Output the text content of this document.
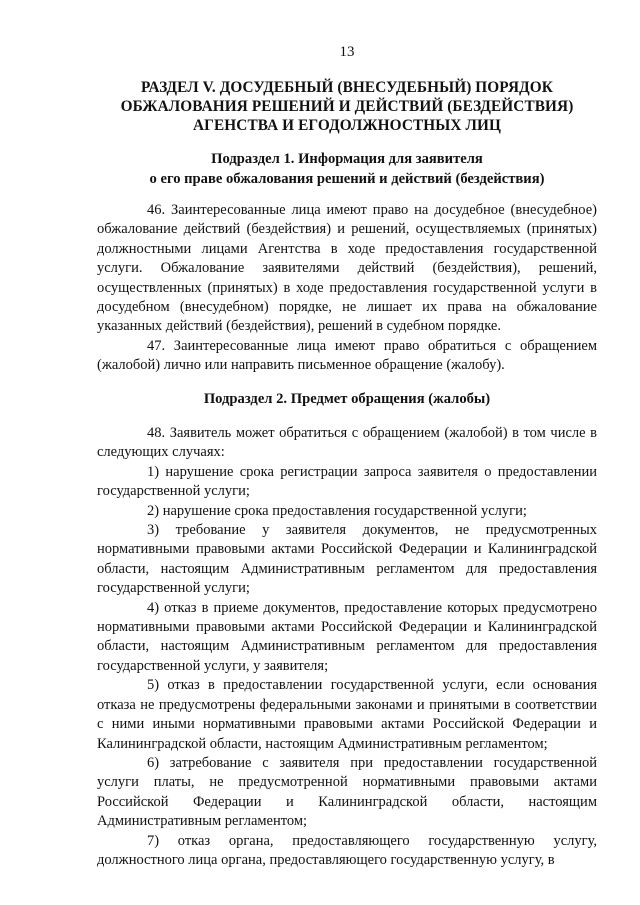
13
РАЗДЕЛ V. ДОСУДЕБНЫЙ (ВНЕСУДЕБНЫЙ) ПОРЯДОК
ОБЖАЛОВАНИЯ РЕШЕНИЙ И ДЕЙСТВИЙ (БЕЗДЕЙСТВИЯ)
АГЕНСТВА И ЕГОДОЛЖНОСТНЫХ ЛИЦ
Подраздел 1. Информация для заявителя
о его праве обжалования решений и действий (бездействия)

46. Заинтересованные лица имеют право на досудебное (внесудебное) обжалование действий (бездействия) и решений, осуществляемых (принятых) должностными лицами Агентства в ходе предоставления государственной услуги. Обжалование заявителями действий (бездействия), решений, осуществленных (принятых) в ходе предоставления государственной услуги в досудебном (внесудебном) порядке, не лишает их права на обжалование указанных действий (бездействия), решений в судебном порядке.

47. Заинтересованные лица имеют право обратиться с обращением (жалобой) лично или направить письменное обращение (жалобу).

Подраздел 2. Предмет обращения (жалобы)

48. Заявитель может обратиться с обращением (жалобой) в том числе в следующих случаях:

1) нарушение срока регистрации запроса заявителя о предоставлении государственной услуги;

2) нарушение срока предоставления государственной услуги;

3) требование у заявителя документов, не предусмотренных нормативными правовыми актами Российской Федерации и Калининградской области, настоящим Административным регламентом для предоставления государственной услуги;

4) отказ в приеме документов, предоставление которых предусмотрено нормативными правовыми актами Российской Федерации и Калининградской области, настоящим Административным регламентом для предоставления государственной услуги, у заявителя;

5) отказ в предоставлении государственной услуги, если основания отказа не предусмотрены федеральными законами и принятыми в соответствии с ними иными нормативными правовыми актами Российской Федерации и Калининградской области, настоящим Административным регламентом;

6) затребование с заявителя при предоставлении государственной услуги платы, не предусмотренной нормативными правовыми актами Российской Федерации и Калининградской области, настоящим Административным регламентом;

7) отказ органа, предоставляющего государственную услугу, должностного лица органа, предоставляющего государственную услугу, в
